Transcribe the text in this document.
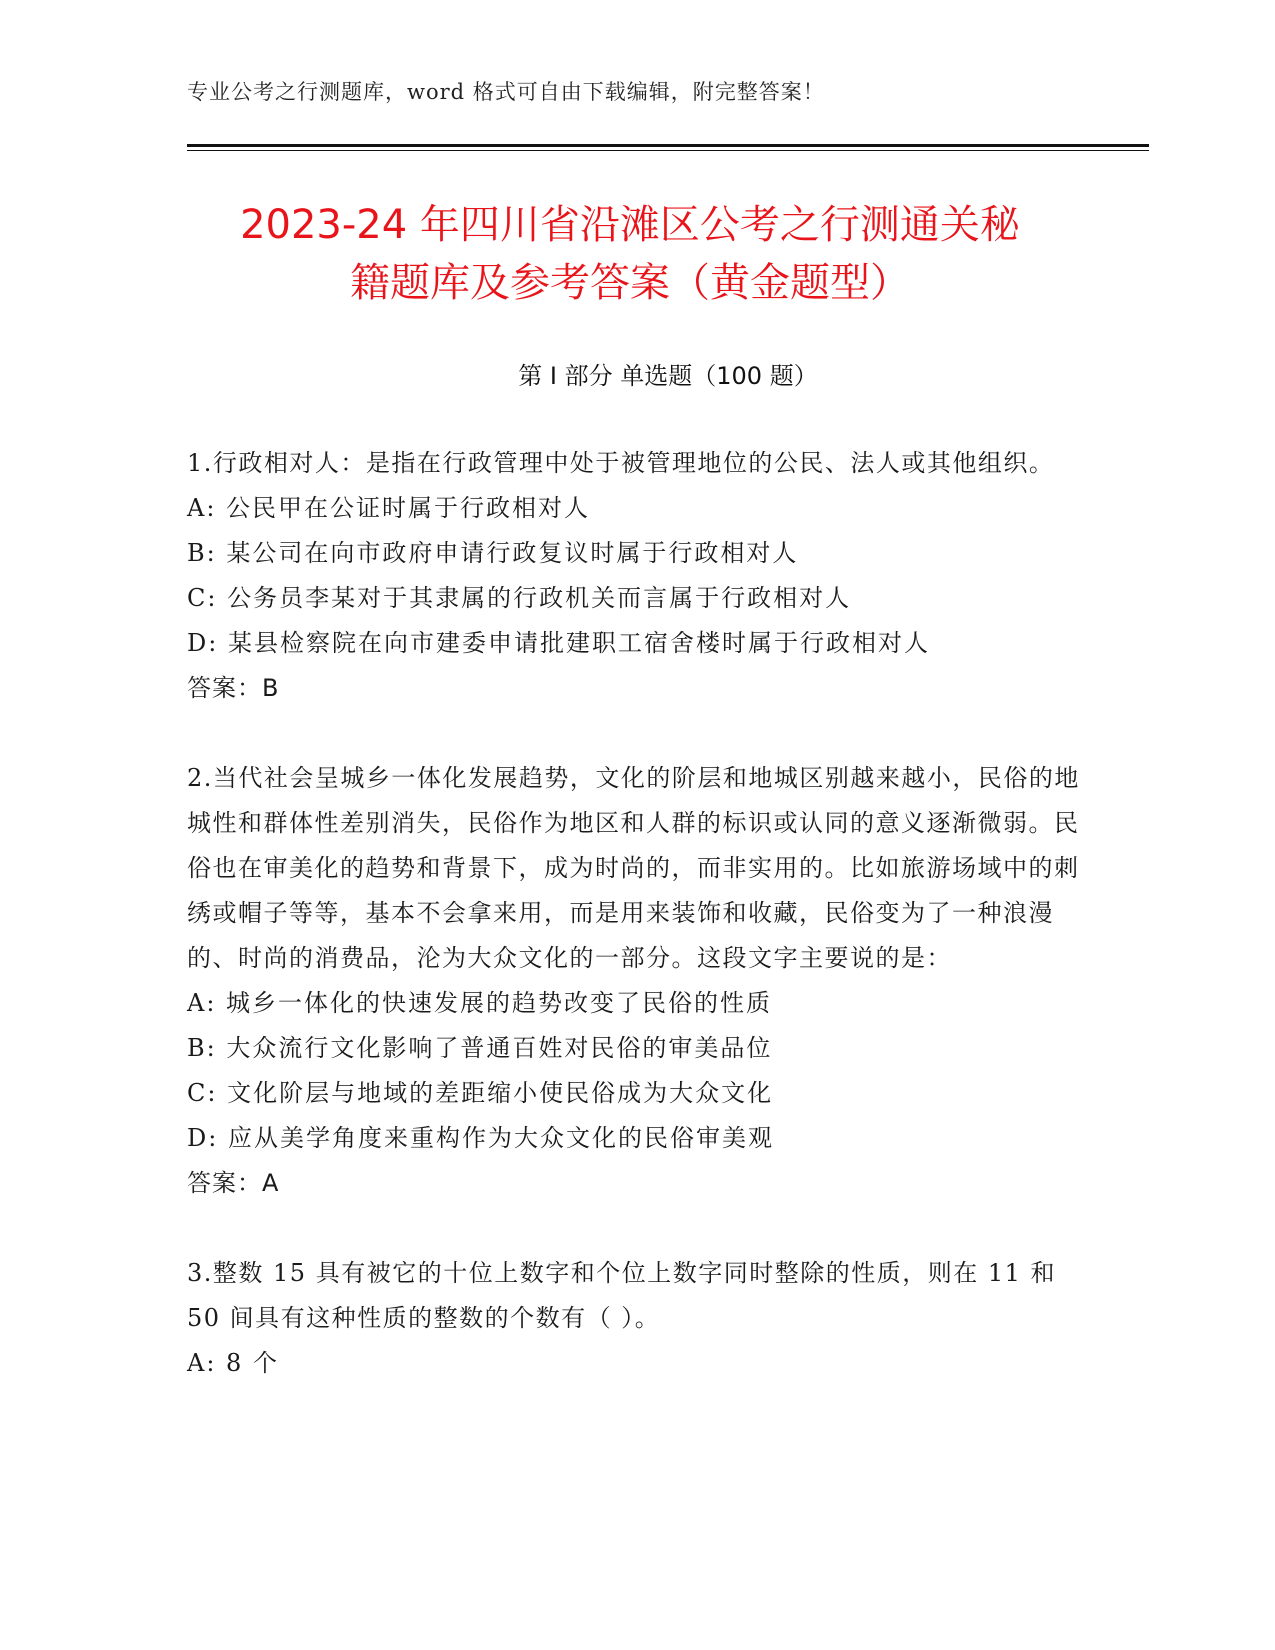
专业公考之行测题库，word 格式可自由下载编辑，附完整答案！
2023-24 年四川省沿滩区公考之行测通关秘
籍题库及参考答案（黄金题型）
第 I 部分 单选题（100 题）

1.行政相对人：是指在行政管理中处于被管理地位的公民、法人或其他组织。

A: 公民甲在公证时属于行政相对人

B: 某公司在向市政府申请行政复议时属于行政相对人

C: 公务员李某对于其隶属的行政机关而言属于行政相对人

D: 某县检察院在向市建委申请批建职工宿舍楼时属于行政相对人

答案：B

2.当代社会呈城乡一体化发展趋势，文化的阶层和地城区别越来越小，民俗的地城性和群体性差别消失，民俗作为地区和人群的标识或认同的意义逐渐微弱。民俗也在审美化的趋势和背景下，成为时尚的，而非实用的。比如旅游场域中的刺绣或帽子等等，基本不会拿来用，而是用来装饰和收藏，民俗变为了一种浪漫的、时尚的消费品，沦为大众文化的一部分。这段文字主要说的是：

A: 城乡一体化的快速发展的趋势改变了民俗的性质

B: 大众流行文化影响了普通百姓对民俗的审美品位

C: 文化阶层与地域的差距缩小使民俗成为大众文化

D: 应从美学角度来重构作为大众文化的民俗审美观

答案：A

3.整数 15 具有被它的十位上数字和个位上数字同时整除的性质，则在 11 和 50 间具有这种性质的整数的个数有（ ）。

A: 8 个
